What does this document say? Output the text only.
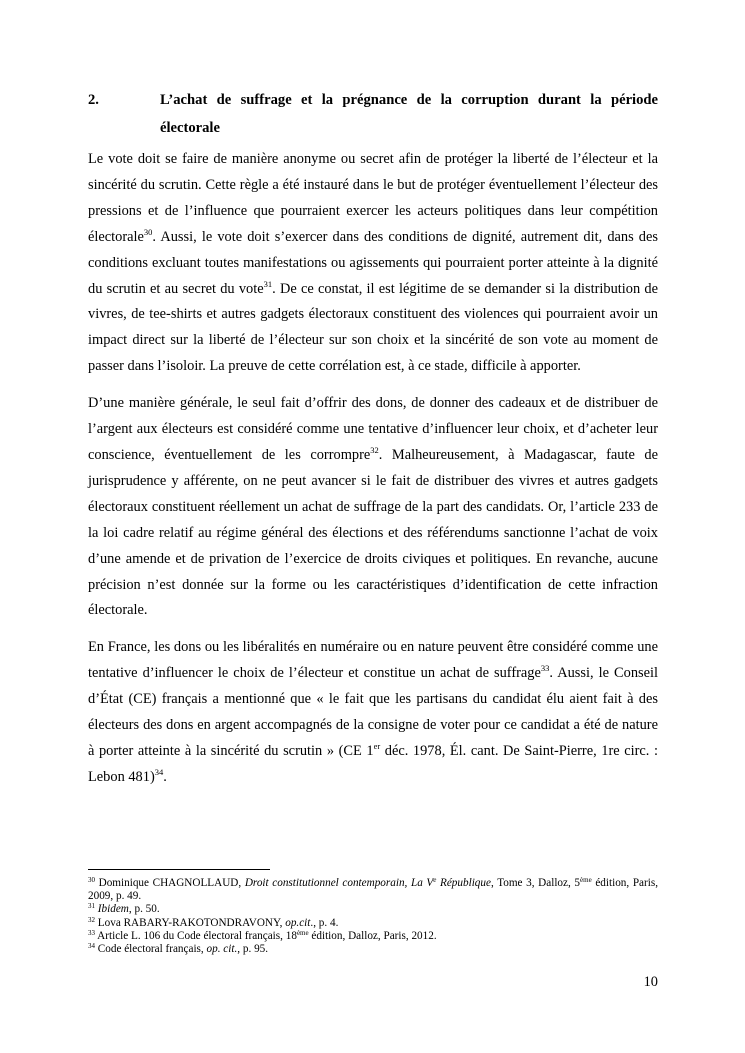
2.	L’achat de suffrage et la prégnance de la corruption durant la période électorale

Le vote doit se faire de manière anonyme ou secret afin de protéger la liberté de l’électeur et la sincérité du scrutin. Cette règle a été instauré dans le but de protéger éventuellement l’électeur des pressions et de l’influence que pourraient exercer les acteurs politiques dans leur compétition électorale$^{30}$. Aussi, le vote doit s’exercer dans des conditions de dignité, autrement dit, dans des conditions excluant toutes manifestations ou agissements qui pourraient porter atteinte à la dignité du scrutin et au secret du vote$^{31}$. De ce constat, il est légitime de se demander si la distribution de vivres, de tee-shirts et autres gadgets électoraux constituent des violences qui pourraient avoir un impact direct sur la liberté de l’électeur sur son choix et la sincérité de son vote au moment de passer dans l’isoloir. La preuve de cette corrélation est, à ce stade, difficile à apporter.

D’une manière générale, le seul fait d’offrir des dons, de donner des cadeaux et de distribuer de l’argent aux électeurs est considéré comme une tentative d’influencer leur choix, et d’acheter leur conscience, éventuellement de les corrompre$^{32}$. Malheureusement, à Madagascar, faute de jurisprudence y afférente, on ne peut avancer si le fait de distribuer des vivres et autres gadgets électoraux constituent réellement un achat de suffrage de la part des candidats. Or, l’article 233 de la loi cadre relatif au régime général des élections et des référendums sanctionne l’achat de voix d’une amende et de privation de l’exercice de droits civiques et politiques. En revanche, aucune précision n’est donnée sur la forme ou les caractéristiques d’identification de cette infraction électorale.

En France, les dons ou les libéralités en numéraire ou en nature peuvent être considéré comme une tentative d’influencer le choix de l’électeur et constitue un achat de suffrage$^{33}$. Aussi, le Conseil d’État (CE) français a mentionné que « le fait que les partisans du candidat élu aient fait à des électeurs des dons en argent accompagnés de la consigne de voter pour ce candidat a été de nature à porter atteinte à la sincérité du scrutin » (CE 1er déc. 1978, Él. cant. De Saint-Pierre, 1re circ. : Lebon 481)$^{34}$.

$^{30}$ Dominique CHAGNOLLAUD, Droit constitutionnel contemporain, La Ve République, Tome 3, Dalloz, 5ème édition, Paris, 2009, p. 49.

$^{31}$ Ibidem, p. 50.

$^{32}$ Lova RABARY-RAKOTONDRAVONY, op.cit., p. 4.

$^{33}$ Article L. 106 du Code électoral français, 18ème édition, Dalloz, Paris, 2012.

$^{34}$ Code électoral français, op. cit., p. 95.

10
